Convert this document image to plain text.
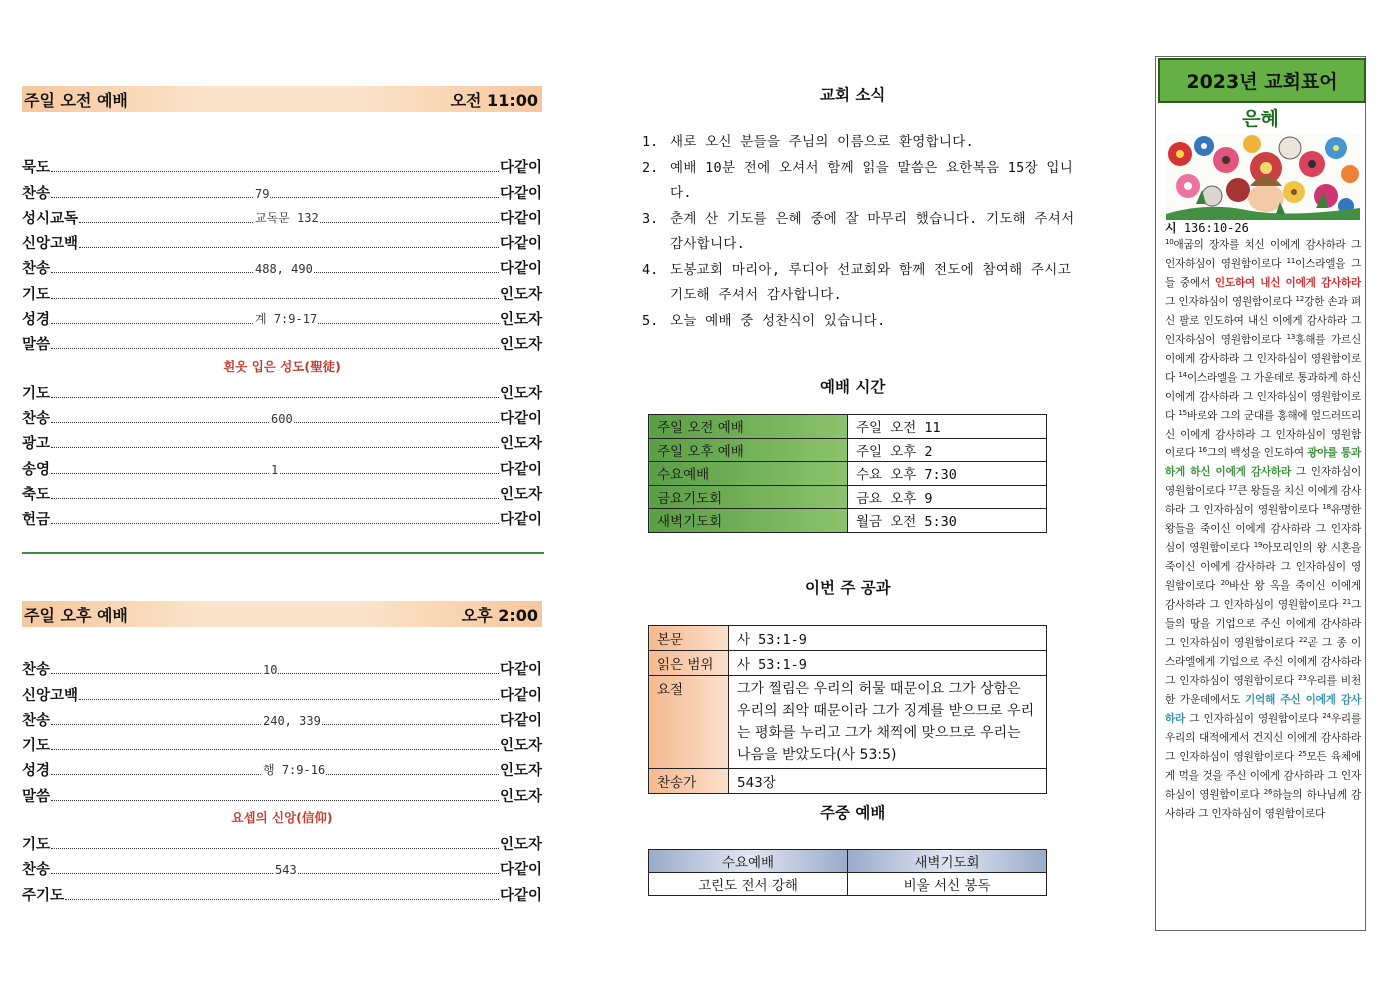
주일 오전 예배	오전 11:00
묵도	다같이
찬송	79	다같이
성시교독	교독문 132	다같이
신앙고백	다같이
찬송	488, 490	다같이
기도	인도자
성경	계 7:9-17	인도자
말씀	인도자
흰옷 입은 성도(聖徒)
기도	인도자
찬송	600	다같이
광고	인도자
송영	1	다같이
축도	인도자
헌금	다같이
주일 오후 예배	오후 2:00
찬송	10	다같이
신앙고백	다같이
찬송	240, 339	다같이
기도	인도자
성경	행 7:9-16	인도자
말씀	인도자
요셉의 신앙(信仰)
기도	인도자
찬송	543	다같이
주기도	다같이
교회 소식
1. 새로 오신 분들을 주님의 이름으로 환영합니다.
2. 예배 10분 전에 오셔서 함께 읽을 말씀은 요한복음 15장 입니다.
3. 춘계 산 기도를 은혜 중에 잘 마무리 했습니다. 기도해 주셔서 감사합니다.
4. 도봉교회 마리아, 루디아 선교회와 함께 전도에 참여해 주시고 기도해 주셔서 감사합니다.
5. 오늘 예배 중 성찬식이 있습니다.
예배 시간
주일 오전 예배	주일 오전 11
주일 오후 예배	주일 오후 2
수요예배	수요 오후 7:30
금요기도회	금요 오후 9
새벽기도회	월금 오전 5:30
이번 주 공과
본문	사 53:1-9
읽은 범위	사 53:1-9
요절	그가 찔림은 우리의 허물 때문이요 그가 상함은 우리의 죄악 때문이라 그가 징계를 받으므로 우리는 평화를 누리고 그가 채찍에 맞으므로 우리는 나음을 받았도다(사 53:5)
찬송가	543장
주중 예배
수요예배	새벽기도회
고린도 전서 강해	비울 서신 봉독
2023년 교회표어
은혜
시 136:10-26
$^{10}$애굽의 장자를 치신 이에게 감사하라 그 인자하심이 영원함이로다 $^{11}$이스라엘을 그들 중에서 인도하여 내신 이에게 감사하라 그 인자하심이 영원함이로다 $^{12}$강한 손과 펴신 팔로 인도하여 내신 이에게 감사하라 그 인자하심이 영원함이로다 $^{13}$홍해를 가르신 이에게 감사하라 그 인자하심이 영원함이로다 $^{14}$이스라엘을 그 가운데로 통과하게 하신 이에게 감사하라 그 인자하심이 영원함이로다 $^{15}$바로와 그의 군대를 홍해에 엎드러뜨리신 이에게 감사하라 그 인자하심이 영원함이로다 $^{16}$그의 백성을 인도하여 광야를 통과하게 하신 이에게 감사하라 그 인자하심이 영원함이로다 $^{17}$큰 왕들을 치신 이에게 감사하라 그 인자하심이 영원함이로다 $^{18}$유명한 왕들을 죽이신 이에게 감사하라 그 인자하심이 영원함이로다 $^{19}$아모리인의 왕 시혼을 죽이신 이에게 감사하라 그 인자하심이 영원함이로다 $^{20}$바산 왕 옥을 죽이신 이에게 감사하라 그 인자하심이 영원함이로다 $^{21}$그들의 땅을 기업으로 주신 이에게 감사하라 그 인자하심이 영원함이로다 $^{22}$곧 그 종 이스라엘에게 기업으로 주신 이에게 감사하라 그 인자하심이 영원함이로다 $^{23}$우리를 비천한 가운데에서도 기억해 주신 이에게 감사하라 그 인자하심이 영원함이로다 $^{24}$우리를 우리의 대적에게서 건지신 이에게 감사하라 그 인자하심이 영원함이로다 $^{25}$모든 육체에게 먹을 것을 주신 이에게 감사하라 그 인자하심이 영원함이로다 $^{26}$하늘의 하나님께 감사하라 그 인자하심이 영원함이로다
